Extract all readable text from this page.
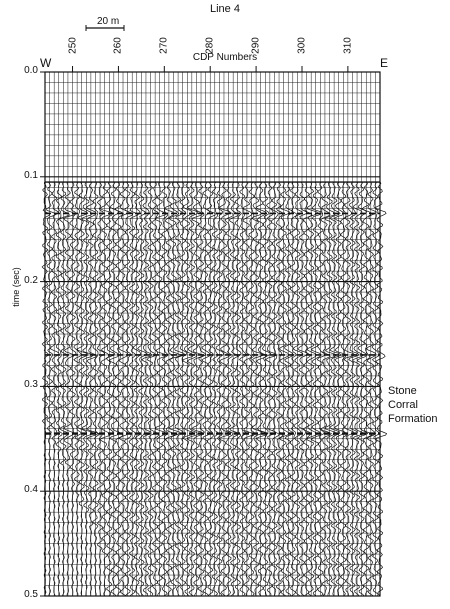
Line 4
20 m
CDP Numbers
W	E
time (sec)
250	260	270	280	290	300	310
0.0
0.1
0.2
0.3
0.4
0.5
Stone
Corral
Formation
